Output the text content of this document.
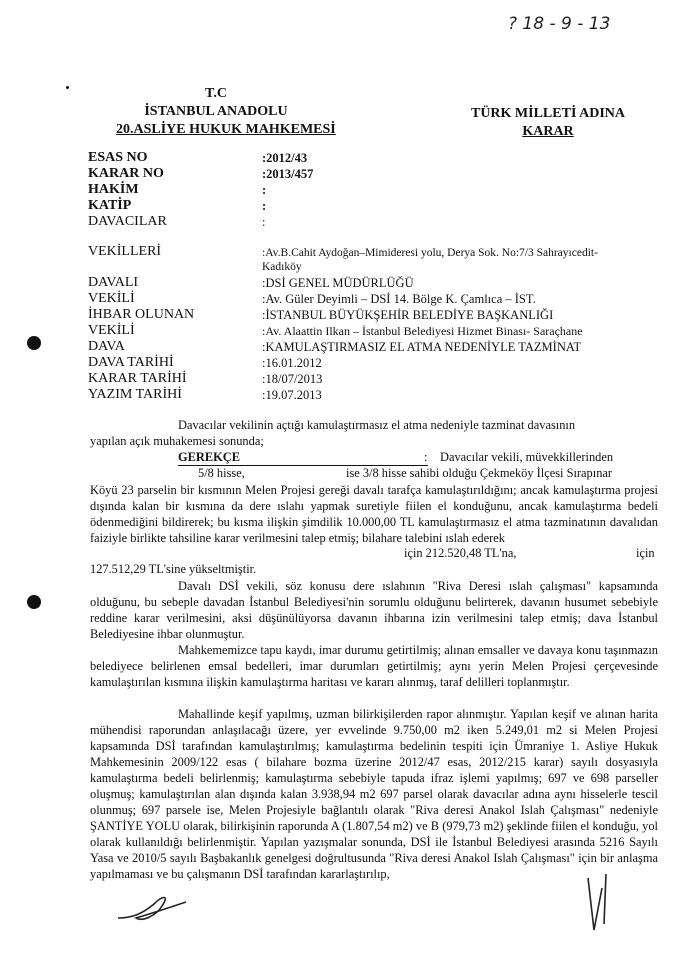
? 18 - 9 - 13
T.C
İSTANBUL ANADOLU
20.ASLİYE HUKUK MAHKEMESİ
TÜRK MİLLETİ ADINA
KARAR
ESAS NO	:2012/43
KARAR NO	:2013/457
HAKİM	:
KATİP	:
DAVACILAR	:
VEKİLLERİ	:Av.B.Cahit Aydoğan–Mimideresi yolu, Derya Sok. No:7/3 Sahrayıcedit-
Kadıköy
DAVALI	:DSİ GENEL MÜDÜRLÜĞÜ
VEKİLİ	:Av. Güler Deyimli – DSİ 14. Bölge K. Çamlıca – İST.
İHBAR OLUNAN	:İSTANBUL BÜYÜKŞEHİR BELEDİYE BAŞKANLIĞI
VEKİLİ	:Av. Alaattin Ilkan – İstanbul Belediyesi Hizmet Binası- Saraçhane
DAVA	:KAMULAŞTIRMASIZ EL ATMA NEDENİYLE TAZMİNAT
DAVA TARİHİ	:16.01.2012
KARAR TARİHİ	:18/07/2013
YAZIM TARİHİ	:19.07.2013
Davacılar vekilinin açtığı kamulaştırmasız el atma nedeniyle tazminat davasının
yapılan açık muhakemesi sonunda;
GEREKÇE	: Davacılar vekili, müvekkillerinden
5/8 hisse,	ise 3/8 hisse sahibi olduğu Çekmeköy İlçesi Sırapınar

Köyü 23 parselin bir kısmının Melen Projesi gereği davalı tarafça kamulaştırıldığını; ancak kamulaştırma projesi dışında kalan bir kısmına da dere ıslahı yapmak suretiyle fiilen el konduğunu, ancak kamulaştırma bedeli ödenmediğini bildirerek; bu kısma ilişkin şimdilik 10.000,00 TL kamulaştırmasız el atma tazminatının davalıdan faiziyle birlikte tahsiline karar verilmesini talep etmiş; bilahare talebini ıslah ederek

için 212.520,48 TL'na,	için
127.512,29 TL'sine yükseltmiştir.

Davalı DSİ vekili, söz konusu dere ıslahının "Riva Deresi ıslah çalışması" kapsamında olduğunu, bu sebeple davadan İstanbul Belediyesi'nin sorumlu olduğunu belirterek, davanın husumet sebebiyle reddine karar verilmesini, aksi düşünülüyorsa davanın ihbarına izin verilmesini talep etmiş; dava İstanbul Belediyesine ihbar olunmuştur.

Mahkememizce tapu kaydı, imar durumu getirtilmiş; alınan emsaller ve davaya konu taşınmazın belediyece belirlenen emsal bedelleri, imar durumları getirtilmiş; aynı yerin Melen Projesi çerçevesinde kamulaştırılan kısmına ilişkin kamulaştırma haritası ve kararı alınmış, taraf delilleri toplanmıştır.

Mahallinde keşif yapılmış, uzman bilirkişilerden rapor alınmıştır. Yapılan keşif ve alınan harita mühendisi raporundan anlaşılacağı üzere, yer evvelinde 9.750,00 m2 iken 5.249,01 m2 si Melen Projesi kapsamında DSİ tarafından kamulaştırılmış; kamulaştırma bedelinin tespiti için Ümraniye 1. Asliye Hukuk Mahkemesinin 2009/122 esas ( bilahare bozma üzerine 2012/47 esas, 2012/215 karar) sayılı dosyasıyla kamulaştırma bedeli belirlenmiş; kamulaştırma sebebiyle tapuda ifraz işlemi yapılmış; 697 ve 698 parseller oluşmuş; kamulaştırılan alan dışında kalan 3.938,94 m2 697 parsel olarak davacılar adına aynı hisselerle tescil olunmuş; 697 parsele ise, Melen Projesiyle bağlantılı olarak "Riva deresi Anakol Islah Çalışması" nedeniyle ŞANTİYE YOLU olarak, bilirkişinin raporunda A (1.807,54 m2) ve B (979,73 m2) şeklinde fiilen el konduğu, yol olarak kullanıldığı belirlenmiştir. Yapılan yazışmalar sonunda, DSİ ile İstanbul Belediyesi arasında 5216 Sayılı Yasa ve 2010/5 sayılı Başbakanlık genelgesi doğrultusunda "Riva deresi Anakol Islah Çalışması" için bir anlaşma yapılmaması ve bu çalışmanın DSİ tarafından kararlaştırılıp,
